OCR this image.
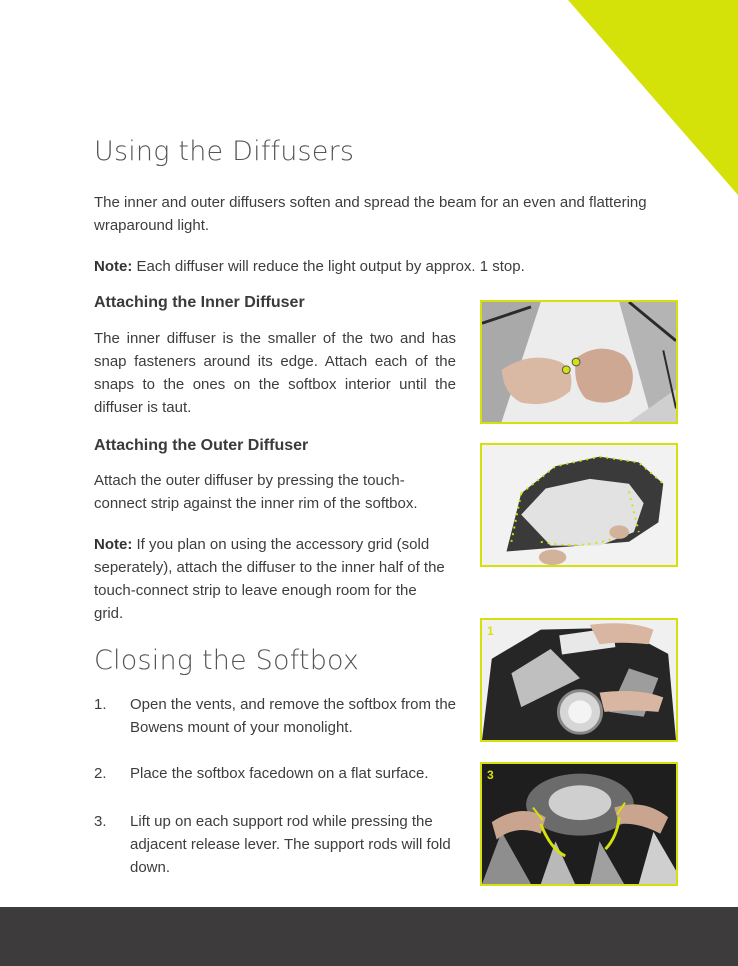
Using the Diffusers

The inner and outer diffusers soften and spread the beam for an even and flattering wraparound light.

Note: Each diffuser will reduce the light output by approx. 1 stop.

Attaching the Inner Diffuser

The inner diffuser is the smaller of the two and has snap fasteners around its edge. Attach each of the snaps to the ones on the softbox interior until the diffuser is taut.

Attaching the Outer Diffuser

Attach the outer diffuser by pressing the touch-connect strip against the inner rim of the softbox.

Note: If you plan on using the accessory grid (sold seperately), attach the diffuser to the inner half of the touch-connect strip to leave enough room for the grid.

Closing the Softbox
1. Open the vents, and remove the softbox from the Bowens mount of your monolight.
2. Place the softbox facedown on a flat surface.
3. Lift up on each support rod while pressing the adjacent release lever. The support rods will fold down.
1
3
